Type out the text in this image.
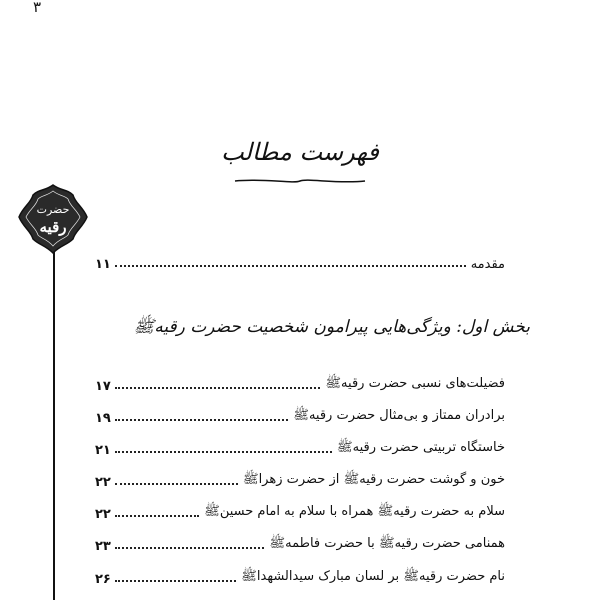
۳
حضرت
رقیه
فهرست مطالب
مقدمه
۱۱
بخش اول: ویژگی‌هایی پیرامون شخصیت حضرت رقیهﷺ
فضیلت‌های نسبی حضرت رقیهﷺ
۱۷
برادران ممتاز و بی‌مثال حضرت رقیهﷺ
۱۹
خاستگاه تربیتی حضرت رقیهﷺ
۲۱
خون و گوشت حضرت رقیهﷺ از حضرت زهراﷺ
۲۲
سلام به حضرت رقیهﷺ همراه با سلام به امام حسینﷺ
۲۲
همنامی حضرت رقیهﷺ با حضرت فاطمهﷺ
۲۳
نام حضرت رقیهﷺ بر لسان مبارک سیدالشهداﷺ
۲۶
